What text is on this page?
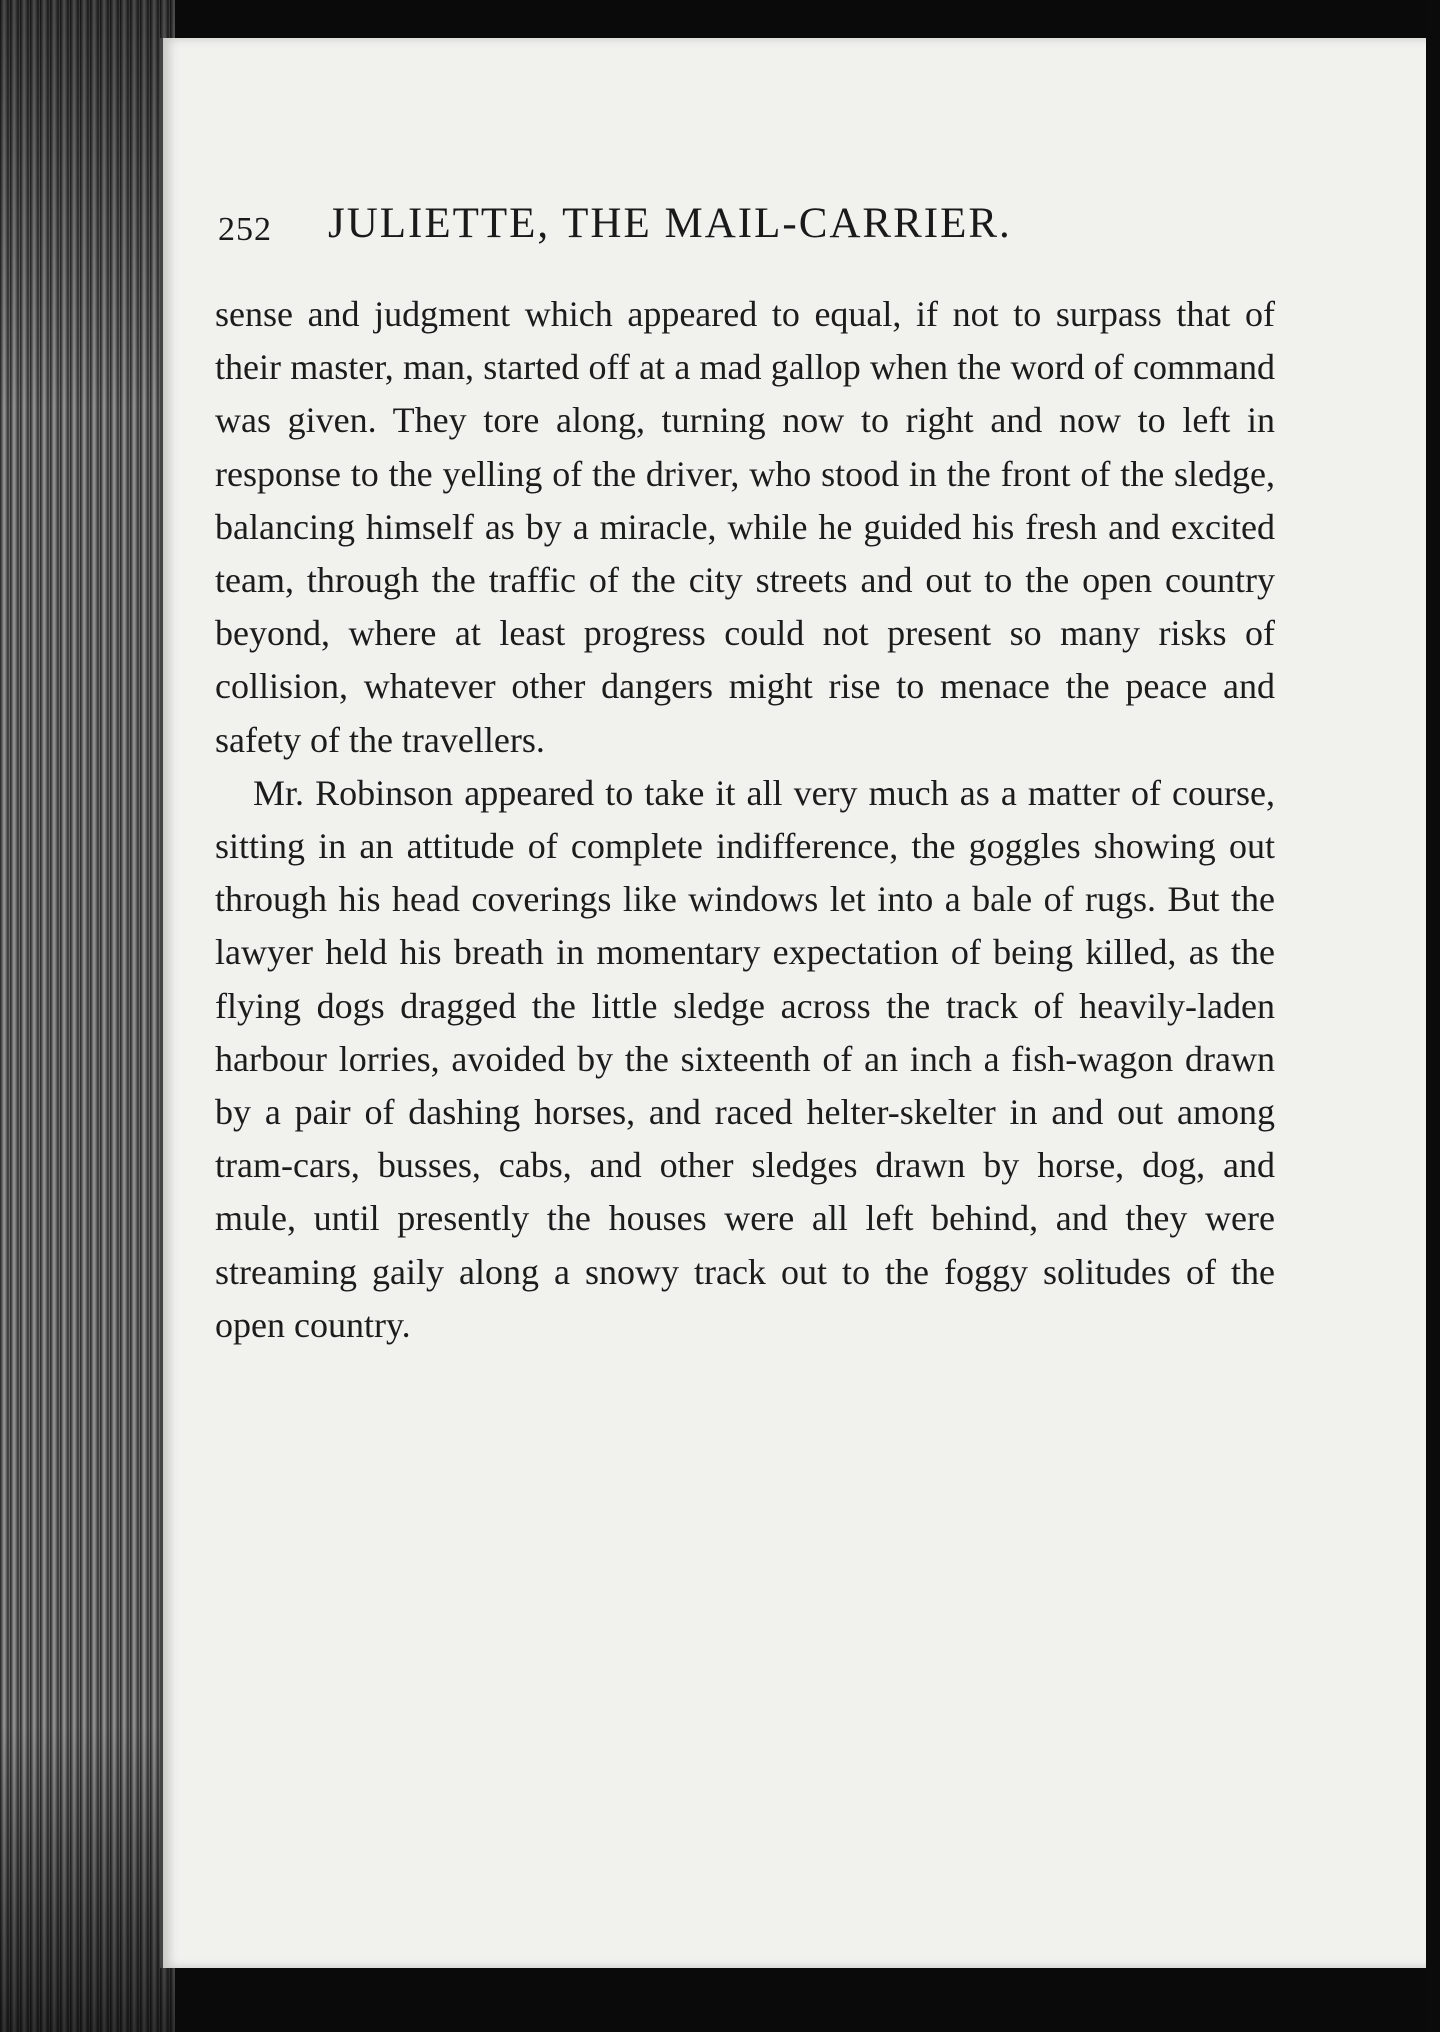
252 JULIETTE, THE MAIL-CARRIER.

sense and judgment which appeared to equal, if not to surpass that of their master, man, started off at a mad gallop when the word of command was given. They tore along, turning now to right and now to left in response to the yelling of the driver, who stood in the front of the sledge, balancing himself as by a miracle, while he guided his fresh and excited team, through the traffic of the city streets and out to the open country beyond, where at least progress could not present so many risks of collision, whatever other dangers might rise to menace the peace and safety of the travellers.

Mr. Robinson appeared to take it all very much as a matter of course, sitting in an attitude of complete indifference, the goggles showing out through his head coverings like windows let into a bale of rugs. But the lawyer held his breath in momentary expectation of being killed, as the flying dogs dragged the little sledge across the track of heavily-laden harbour lorries, avoided by the sixteenth of an inch a fish-wagon drawn by a pair of dashing horses, and raced helter-skelter in and out among tram-cars, busses, cabs, and other sledges drawn by horse, dog, and mule, until presently the houses were all left behind, and they were streaming gaily along a snowy track out to the foggy solitudes of the open country.
